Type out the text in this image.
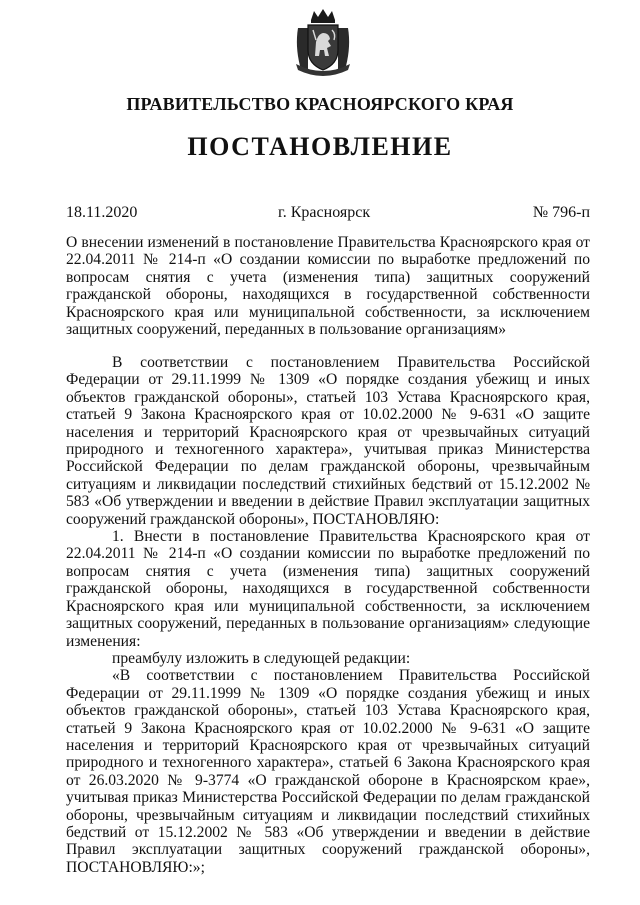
ПРАВИТЕЛЬСТВО КРАСНОЯРСКОГО КРАЯ
ПОСТАНОВЛЕНИЕ
18.11.2020	г. Красноярск	№ 796-п

О внесении изменений в постановление Правительства Красноярского края от 22.04.2011 № 214-п «О создании комиссии по выработке предложений по вопросам снятия с учета (изменения типа) защитных сооружений гражданской обороны, находящихся в государственной собственности Красноярского края или муниципальной собственности, за исключением защитных сооружений, переданных в пользование организациям»

В соответствии с постановлением Правительства Российской Федерации от 29.11.1999 № 1309 «О порядке создания убежищ и иных объектов гражданской обороны», статьей 103 Устава Красноярского края, статьей 9 Закона Красноярского края от 10.02.2000 № 9-631 «О защите населения и территорий Красноярского края от чрезвычайных ситуаций природного и техногенного характера», учитывая приказ Министерства Российской Федерации по делам гражданской обороны, чрезвычайным ситуациям и ликвидации последствий стихийных бедствий от 15.12.2002 № 583 «Об утверждении и введении в действие Правил эксплуатации защитных сооружений гражданской обороны», ПОСТАНОВЛЯЮ:

1. Внести в постановление Правительства Красноярского края от 22.04.2011 № 214-п «О создании комиссии по выработке предложений по вопросам снятия с учета (изменения типа) защитных сооружений гражданской обороны, находящихся в государственной собственности Красноярского края или муниципальной собственности, за исключением защитных сооружений, переданных в пользование организациям» следующие изменения:

преамбулу изложить в следующей редакции:

«В соответствии с постановлением Правительства Российской Федерации от 29.11.1999 № 1309 «О порядке создания убежищ и иных объектов гражданской обороны», статьей 103 Устава Красноярского края, статьей 9 Закона Красноярского края от 10.02.2000 № 9-631 «О защите населения и территорий Красноярского края от чрезвычайных ситуаций природного и техногенного характера», статьей 6 Закона Красноярского края от 26.03.2020 № 9-3774 «О гражданской обороне в Красноярском крае», учитывая приказ Министерства Российской Федерации по делам гражданской обороны, чрезвычайным ситуациям и ликвидации последствий стихийных бедствий от 15.12.2002 № 583 «Об утверждении и введении в действие Правил эксплуатации защитных сооружений гражданской обороны», ПОСТАНОВЛЯЮ:»;
